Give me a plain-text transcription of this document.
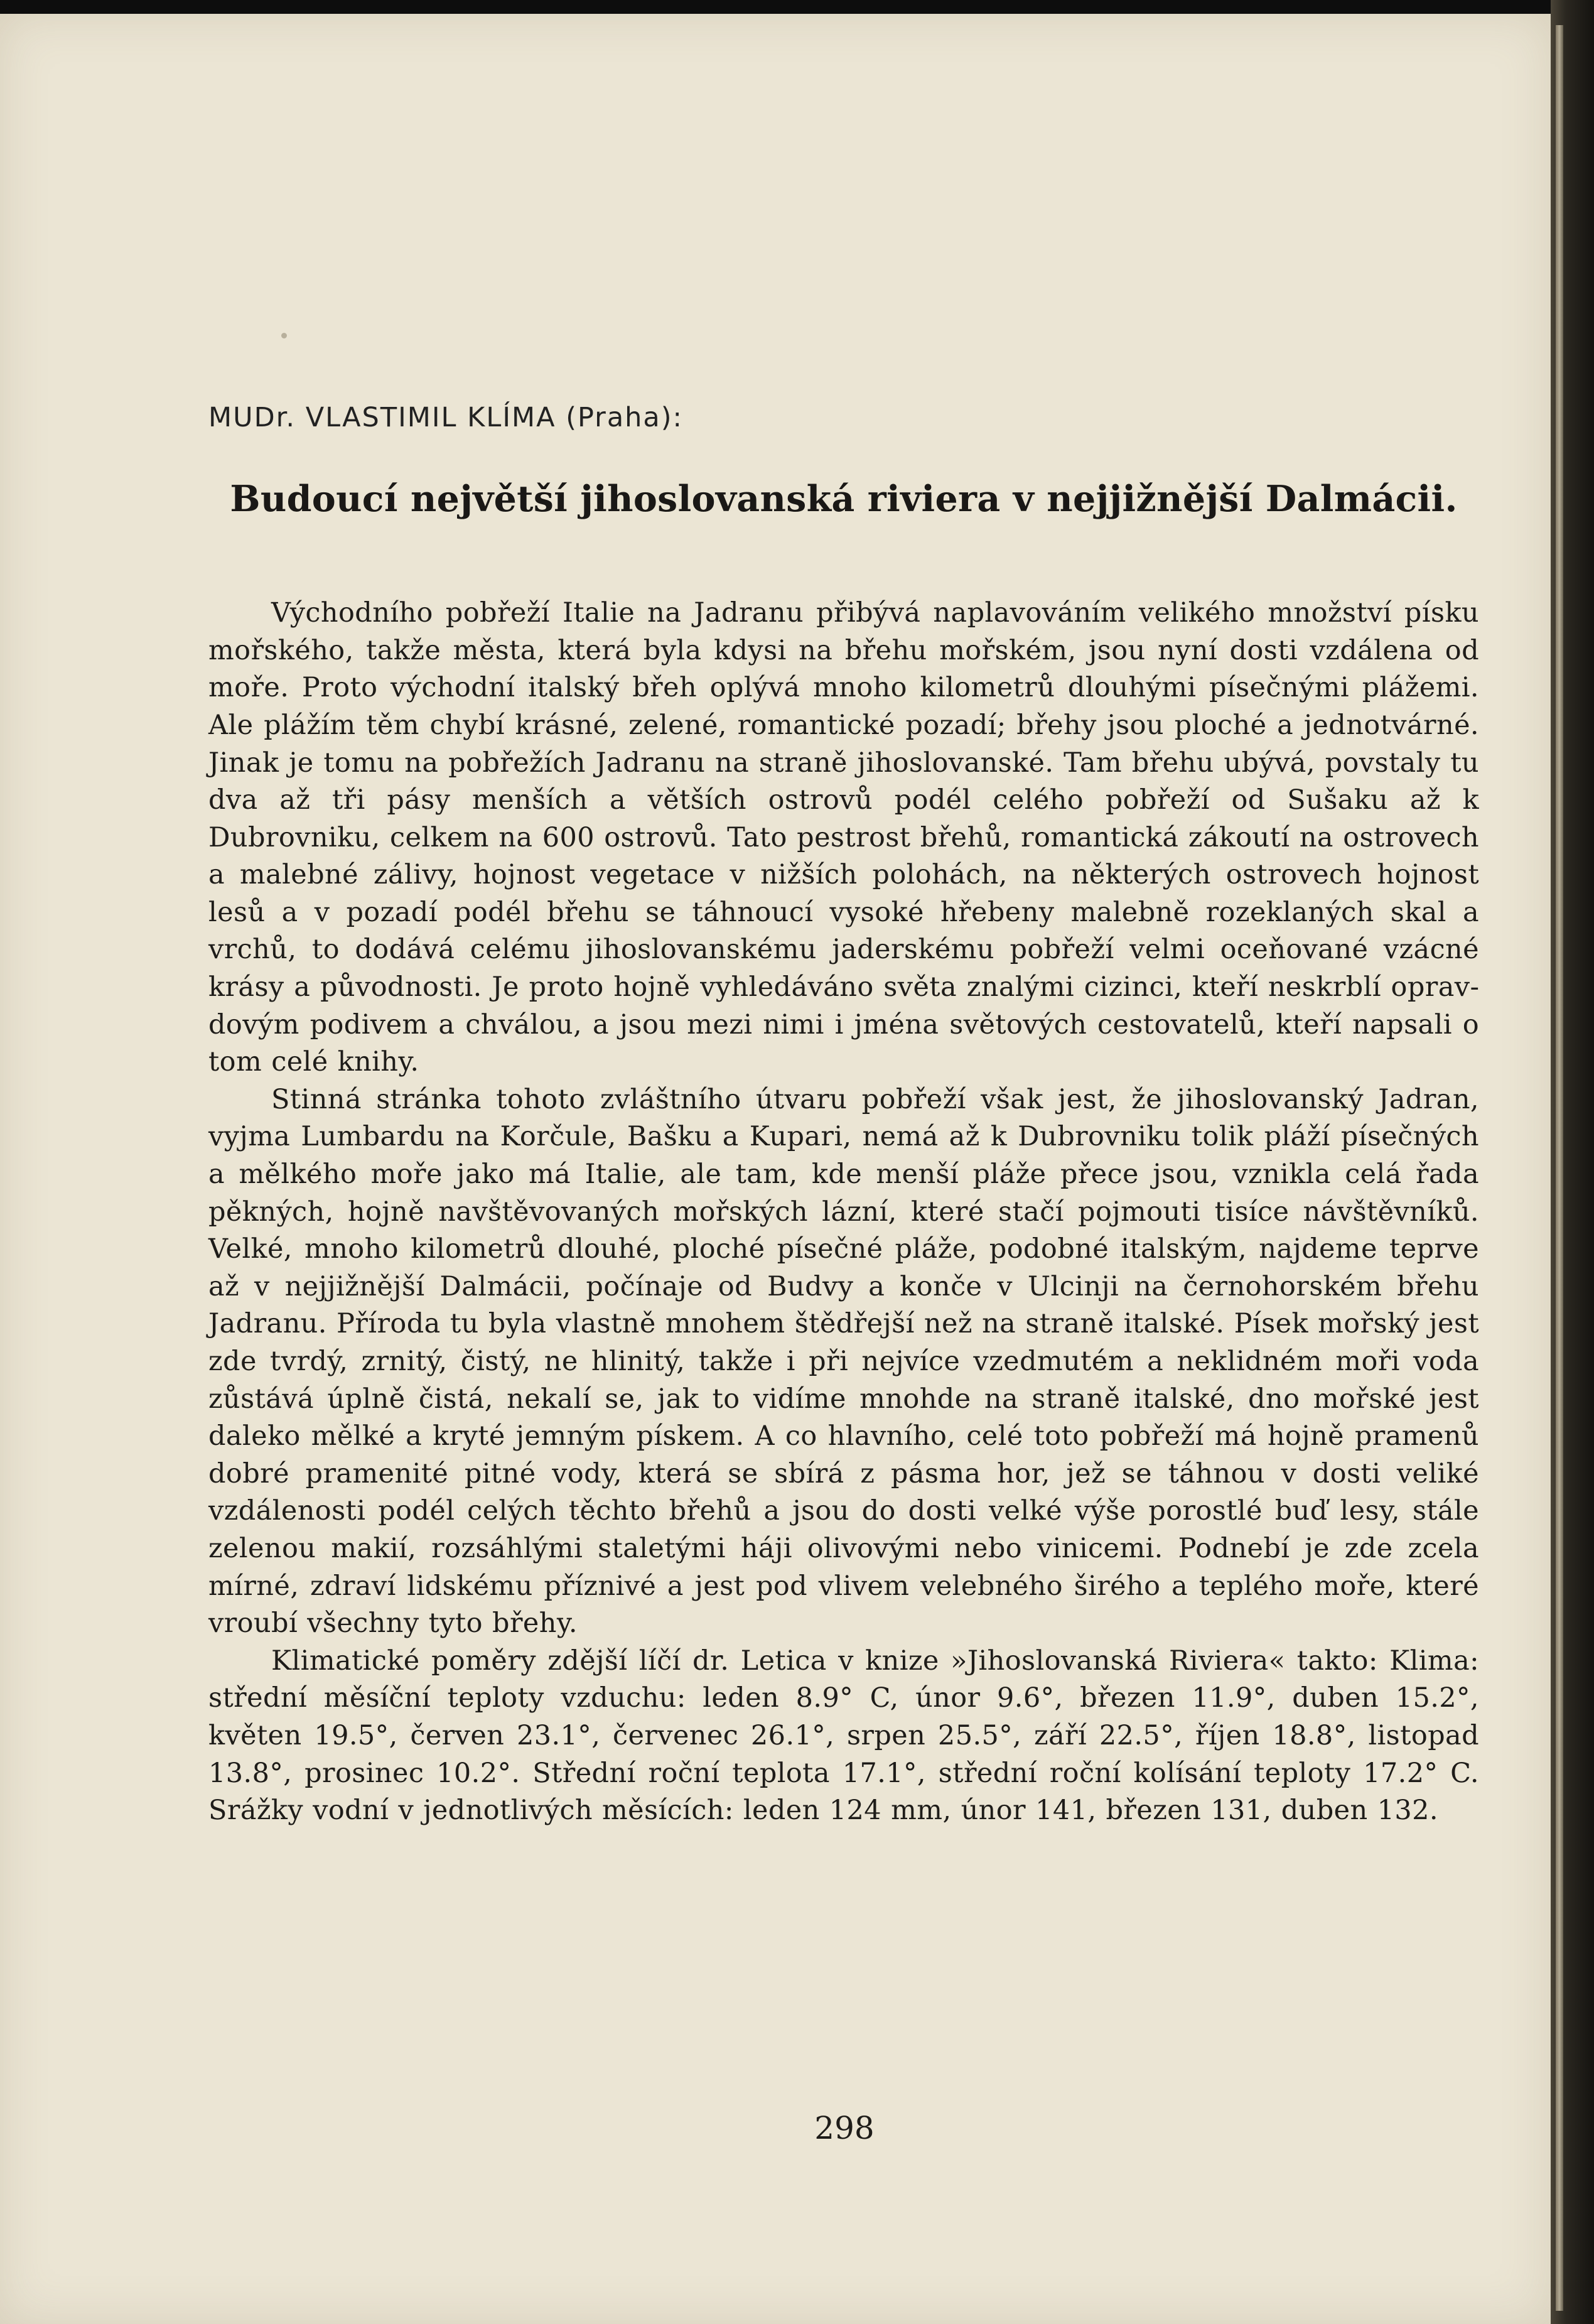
MUDr. VLASTIMIL KLÍMA (Praha):
Budoucí největší jihoslovanská riviera v nejjižnější Dalmácii.

Východního pobřeží Italie na Jadranu přibývá naplavováním velikého množství písku mořského, takže města, která byla kdysi na břehu mořském, jsou nyní dosti vzdálena od moře. Proto východní italský břeh oplývá mnoho kilometrů dlouhými písečnými plážemi. Ale plážím těm chybí krásné, zelené, romantické pozadí; břehy jsou ploché a jednotvárné. Jinak je tomu na pobřežích Jadranu na straně jihoslovanské. Tam břehu ubývá, povstaly tu dva až tři pásy menších a větších ostrovů podél celého pobřeží od Sušaku až k Dubrovniku, celkem na 600 ostrovů. Tato pestrost břehů, romantická zákoutí na ostrovech a malebné zálivy, hojnost vegetace v nižších polohách, na některých ostrovech hojnost lesů a v pozadí podél břehu se táhnoucí vysoké hřebeny malebně rozeklaných skal a vrchů, to dodává celému jihoslovanskému jaderskému pobřeží velmi oceňované vzácné krásy a původnosti. Je proto hojně vyhledáváno světa znalými cizinci, kteří neskrblí opravdovým podivem a chválou, a jsou mezi nimi i jména světových cestovatelů, kteří napsali o tom celé knihy.

Stinná stránka tohoto zvláštního útvaru pobřeží však jest, že jihoslovanský Jadran, vyjma Lumbardu na Korčule, Bašku a Kupari, nemá až k Dubrovniku tolik pláží písečných a mělkého moře jako má Italie, ale tam, kde menší pláže přece jsou, vznikla celá řada pěkných, hojně navštěvovaných mořských lázní, které stačí pojmouti tisíce návštěvníků. Velké, mnoho kilometrů dlouhé, ploché písečné pláže, podobné italským, najdeme teprve až v nejjižnější Dalmácii, počínaje od Budvy a konče v Ulcinji na černohorském břehu Jadranu. Příroda tu byla vlastně mnohem štědřejší než na straně italské. Písek mořský jest zde tvrdý, zrnitý, čistý, ne hlinitý, takže i při nejvíce vzedmutém a neklidném moři voda zůstává úplně čistá, nekalí se, jak to vidíme mnohde na straně italské, dno mořské jest daleko mělké a kryté jemným pískem. A co hlavního, celé toto pobřeží má hojně pramenů dobré pramenité pitné vody, která se sbírá z pásma hor, jež se táhnou v dosti veliké vzdálenosti podél celých těchto břehů a jsou do dosti velké výše porostlé buď lesy, stále zelenou makií, rozsáhlými staletými háji olivovými nebo vinicemi. Podnebí je zde zcela mírné, zdraví lidskému příznivé a jest pod vlivem velebného širého a teplého moře, které vroubí všechny tyto břehy.

Klimatické poměry zdější líčí dr. Letica v knize »Jihoslovanská Riviera« takto: Klima: střední měsíční teploty vzduchu: leden 8.9° C, únor 9.6°, březen 11.9°, duben 15.2°, květen 19.5°, červen 23.1°, červenec 26.1°, srpen 25.5°, září 22.5°, říjen 18.8°, listopad 13.8°, prosinec 10.2°. Střední roční teplota 17.1°, střední roční kolísání teploty 17.2° C. Srážky vodní v jednotlivých měsících: leden 124 mm, únor 141, březen 131, duben 132.

298
